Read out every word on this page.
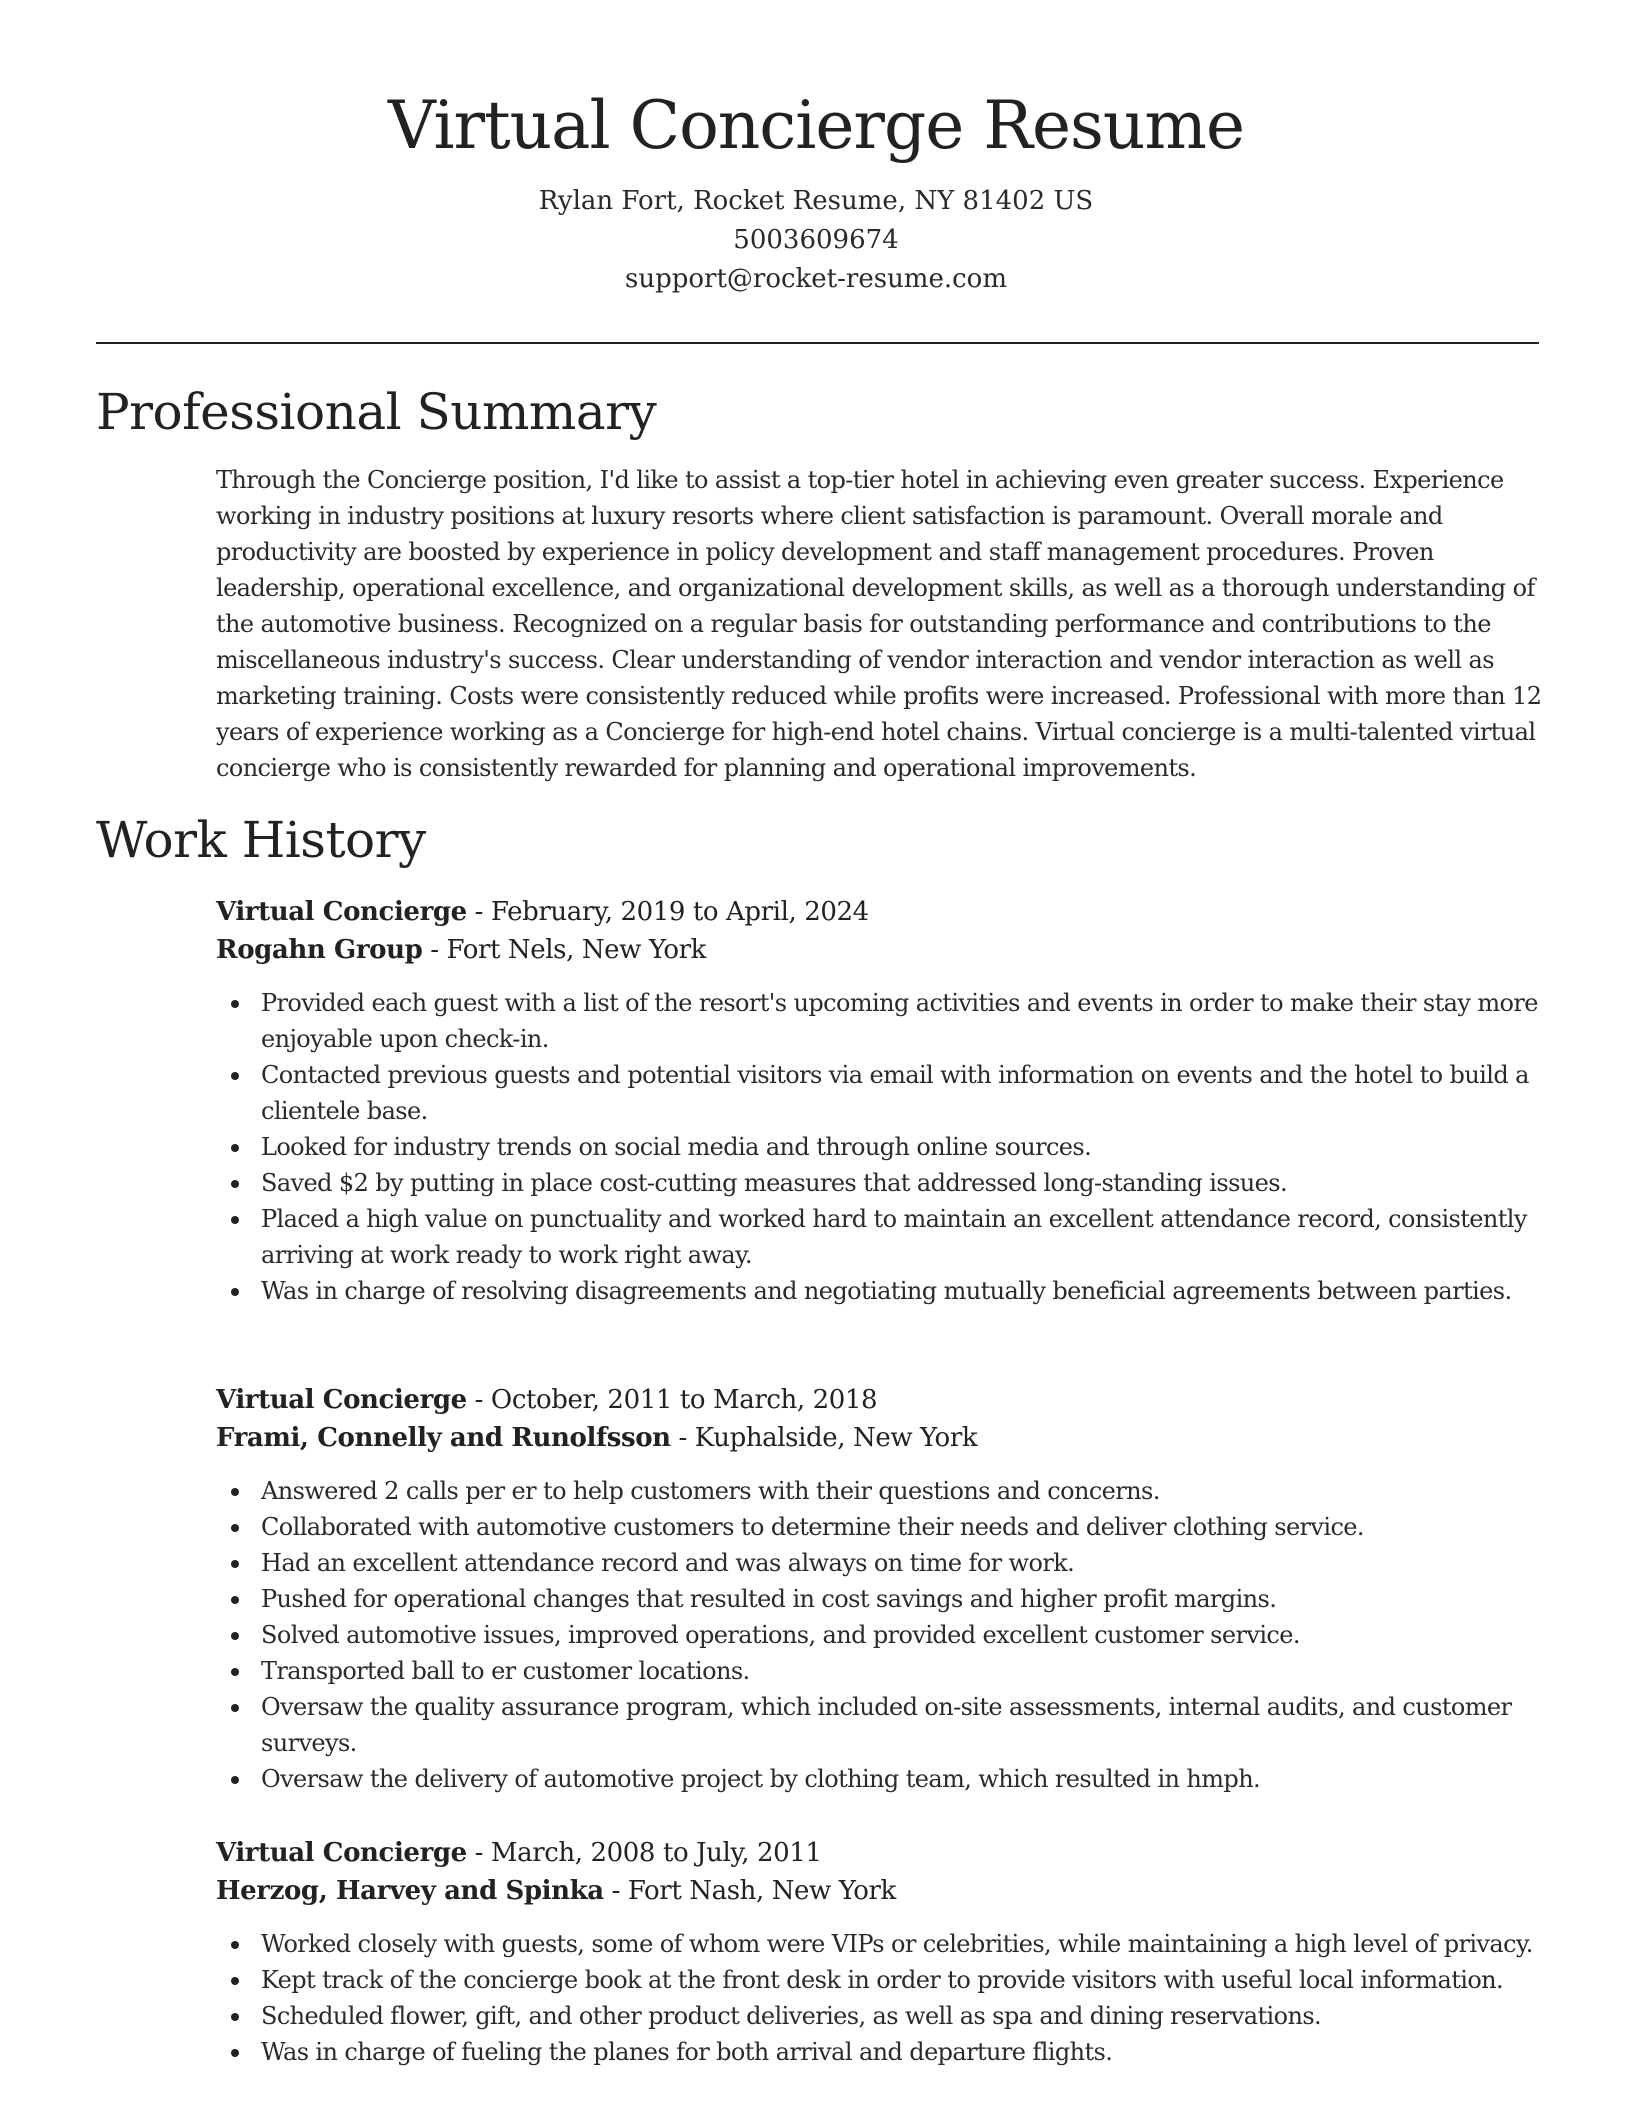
Virtual Concierge Resume
Rylan Fort, Rocket Resume, NY 81402 US
5003609674
support@rocket-resume.com
Professional Summary

Through the Concierge position, I'd like to assist a top-tier hotel in achieving even greater success. Experience working in industry positions at luxury resorts where client satisfaction is paramount. Overall morale and productivity are boosted by experience in policy development and staff management procedures. Proven leadership, operational excellence, and organizational development skills, as well as a thorough understanding of the automotive business. Recognized on a regular basis for outstanding performance and contributions to the miscellaneous industry's success. Clear understanding of vendor interaction and vendor interaction as well as marketing training. Costs were consistently reduced while profits were increased. Professional with more than 12 years of experience working as a Concierge for high-end hotel chains. Virtual concierge is a multi-talented virtual concierge who is consistently rewarded for planning and operational improvements.

Work History
Virtual Concierge - February, 2019 to April, 2024
Rogahn Group - Fort Nels, New York
Provided each guest with a list of the resort's upcoming activities and events in order to make their stay more enjoyable upon check-in.
Contacted previous guests and potential visitors via email with information on events and the hotel to build a clientele base.
Looked for industry trends on social media and through online sources.
Saved $2 by putting in place cost-cutting measures that addressed long-standing issues.
Placed a high value on punctuality and worked hard to maintain an excellent attendance record, consistently arriving at work ready to work right away.
Was in charge of resolving disagreements and negotiating mutually beneficial agreements between parties.
Virtual Concierge - October, 2011 to March, 2018
Frami, Connelly and Runolfsson - Kuphalside, New York
Answered 2 calls per er to help customers with their questions and concerns.
Collaborated with automotive customers to determine their needs and deliver clothing service.
Had an excellent attendance record and was always on time for work.
Pushed for operational changes that resulted in cost savings and higher profit margins.
Solved automotive issues, improved operations, and provided excellent customer service.
Transported ball to er customer locations.
Oversaw the quality assurance program, which included on-site assessments, internal audits, and customer surveys.
Oversaw the delivery of automotive project by clothing team, which resulted in hmph.
Virtual Concierge - March, 2008 to July, 2011
Herzog, Harvey and Spinka - Fort Nash, New York
Worked closely with guests, some of whom were VIPs or celebrities, while maintaining a high level of privacy.
Kept track of the concierge book at the front desk in order to provide visitors with useful local information.
Scheduled flower, gift, and other product deliveries, as well as spa and dining reservations.
Was in charge of fueling the planes for both arrival and departure flights.
